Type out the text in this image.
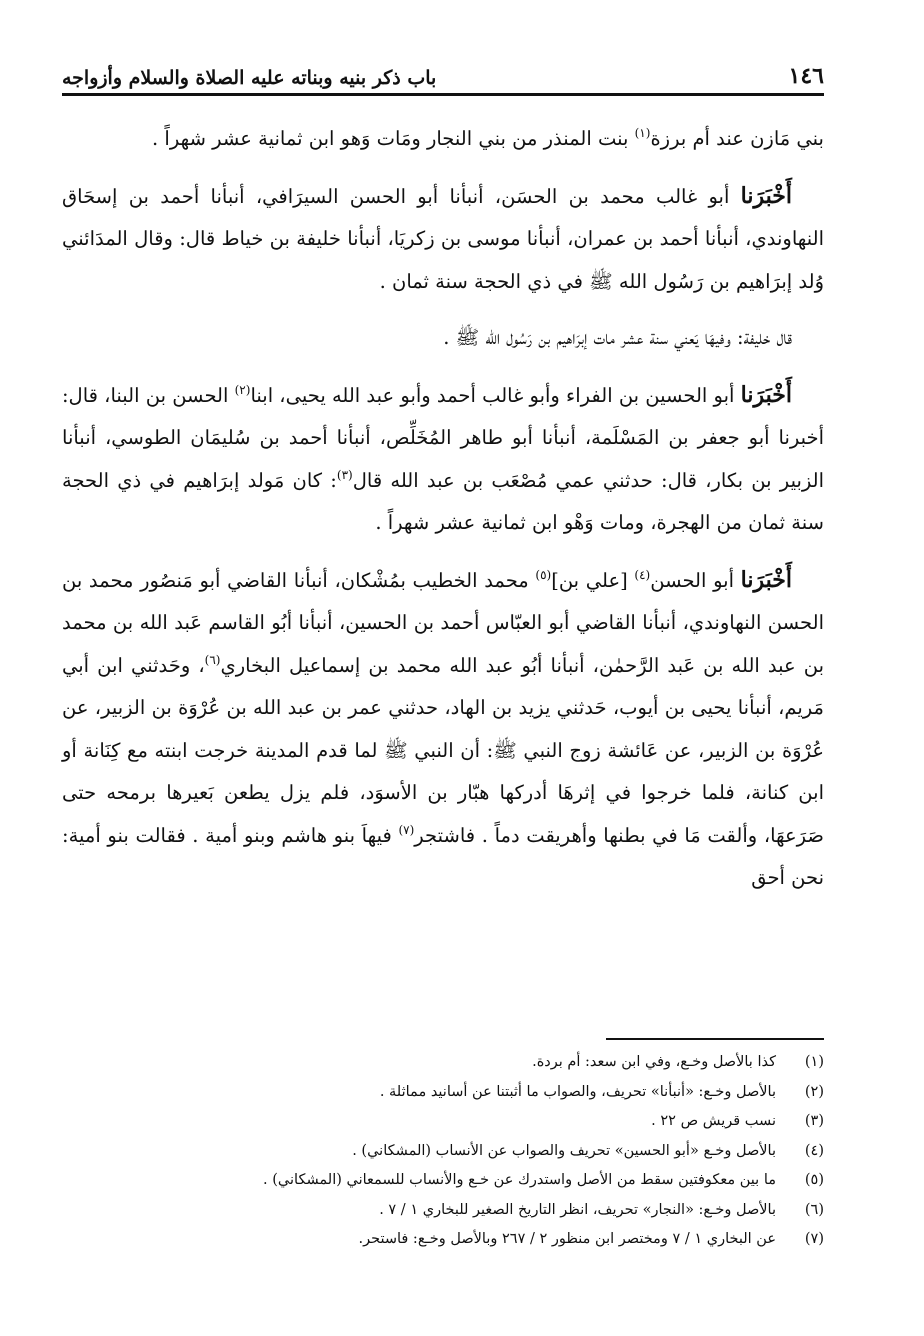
١٤٦
باب ذكر بنيه وبناته عليه الصلاة والسلام وأزواجه

بني مَازن عند أم برزة$^{(١)}$ بنت المنذر من بني النجار ومَات وَهو ابن ثمانية عشر شهراً .

أَخْبَرَنا أبو غالب محمد بن الحسَن، أنبأنا أبو الحسن السيرَافي، أنبأنا أحمد بن إسحَاق النهاوندي، أنبأنا أحمد بن عمران، أنبأنا موسى بن زكريَا، أنبأنا خليفة بن خياط قال: وقال المدَائني وُلد إبرَاهيم بن رَسُول الله ﷺ في ذي الحجة سنة ثمان .

قال خليفة: وفيهَا يَعني سنة عشر مات إبرَاهيم بن رَسُول الله ﷺ .

أَخْبَرَنا أبو الحسين بن الفراء وأبو غالب أحمد وأبو عبد الله يحيى، ابنا$^{(٢)}$ الحسن بن البنا، قال: أخبرنا أبو جعفر بن المَسْلَمة، أنبأنا أبو طاهر المُخَلِّص، أنبأنا أحمد بن سُليمَان الطوسي، أنبأنا الزبير بن بكار، قال: حدثني عمي مُصْعَب بن عبد الله قال$^{(٣)}$: كان مَولد إبرَاهيم في ذي الحجة سنة ثمان من الهجرة، ومات وَهْو ابن ثمانية عشر شهراً .

أَخْبَرَنا أبو الحسن$^{(٤)}$ [علي بن]$^{(٥)}$ محمد الخطيب بمُشْكان، أنبأنا القاضي أبو مَنصُور محمد بن الحسن النهاوندي، أنبأنا القاضي أبو العبّاس أحمد بن الحسين، أنبأنا أبُو القاسم عَبد الله بن محمد بن عبد الله بن عَبد الرَّحمٰن، أنبأنا أبُو عبد الله محمد بن إسماعيل البخاري$^{(٦)}$، وحَدثني ابن أبي مَريم، أنبأنا يحيى بن أيوب، حَدثني يزيد بن الهاد، حدثني عمر بن عبد الله بن عُرْوَة بن الزبير، عن عُرْوَة بن الزبير، عن عَائشة زوج النبي ﷺ: أن النبي ﷺ لما قدم المدينة خرجت ابنته مع كِنَانة أو ابن كنانة، فلما خرجوا في إثرهَا أدركها هبّار بن الأسوَد، فلم يزل يطعن بَعيرها برمحه حتى صَرَعهَا، وألقت مَا في بطنها وأهريقت دماً . فاشتجر$^{(٧)}$ فيهاَ بنو هاشم وبنو أمية . فقالت بنو أمية: نحن أحق

(١)
كذا بالأصل وخـع، وفي ابن سعد: أم بردة.

(٢)
بالأصل وخـع: «أنبأنا» تحريف، والصواب ما أثبتنا عن أسانيد مماثلة .

(٣)
نسب قريش ص ٢٢ .

(٤)
بالأصل وخـع «أبو الحسين» تحريف والصواب عن الأنساب (المشكاني) .

(٥)
ما بين معكوفتين سقط من الأصل واستدرك عن خـع والأنساب للسمعاني (المشكاني) .

(٦)
بالأصل وخـع: «النجار» تحريف، انظر التاريخ الصغير للبخاري ١ / ٧ .

(٧)
عن البخاري ١ / ٧ ومختصر ابن منظور ٢ / ٢٦٧ وبالأصل وخـع: فاستحر.
